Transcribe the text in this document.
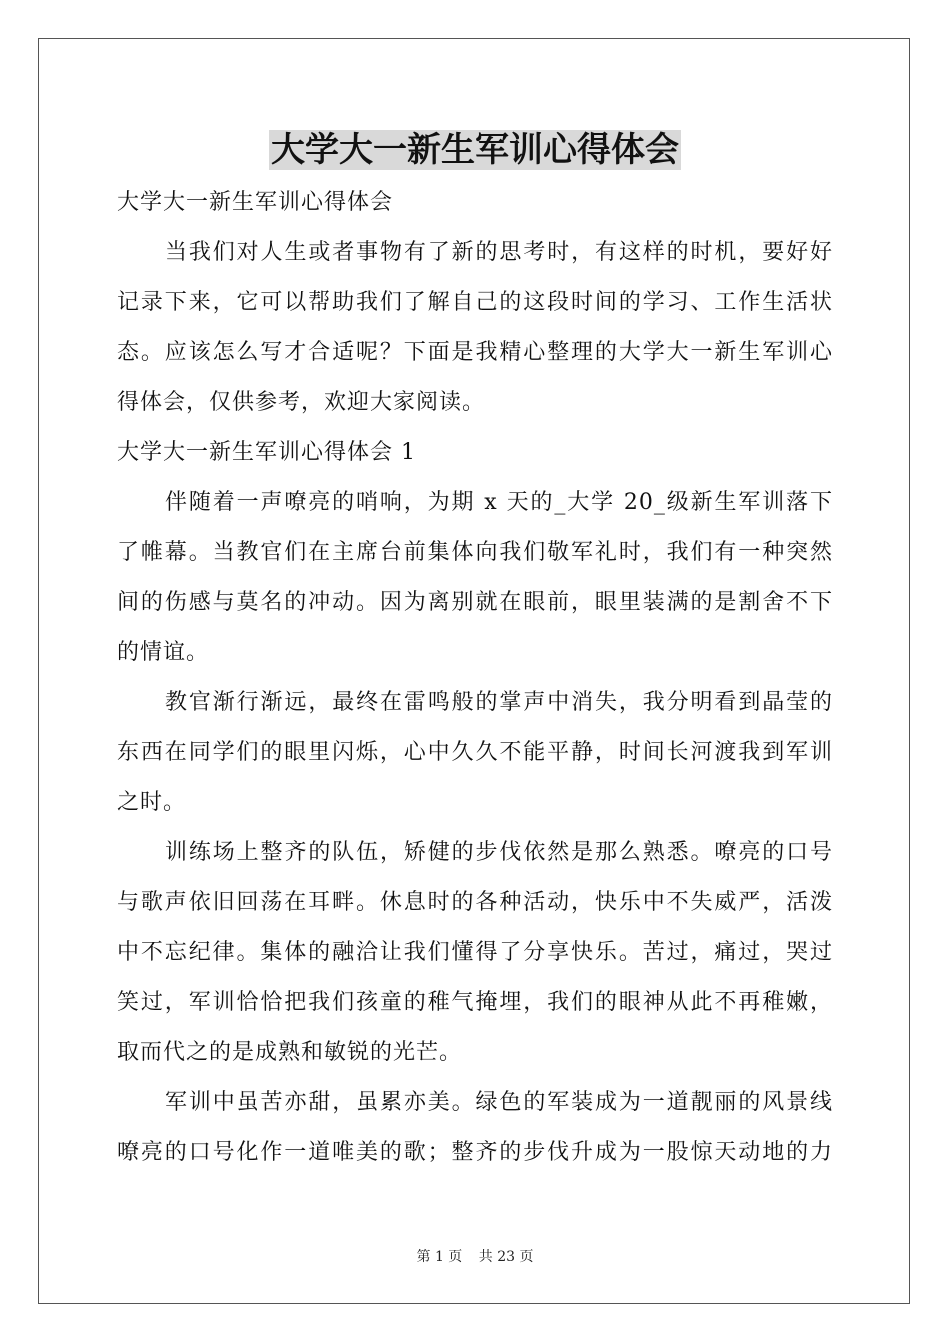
大学大一新生军训心得体会

大学大一新生军训心得体会

当我们对人生或者事物有了新的思考时，有这样的时机，要好好

记录下来，它可以帮助我们了解自己的这段时间的学习、工作生活状

态。应该怎么写才合适呢？下面是我精心整理的大学大一新生军训心

得体会，仅供参考，欢迎大家阅读。

大学大一新生军训心得体会 1

伴随着一声嘹亮的哨响，为期 x 天的_大学 20_级新生军训落下

了帷幕。当教官们在主席台前集体向我们敬军礼时，我们有一种突然

间的伤感与莫名的冲动。因为离别就在眼前，眼里装满的是割舍不下

的情谊。

教官渐行渐远，最终在雷鸣般的掌声中消失，我分明看到晶莹的

东西在同学们的眼里闪烁，心中久久不能平静，时间长河渡我到军训

之时。

训练场上整齐的队伍，矫健的步伐依然是那么熟悉。嘹亮的口号

与歌声依旧回荡在耳畔。休息时的各种活动，快乐中不失威严，活泼

中不忘纪律。集体的融洽让我们懂得了分享快乐。苦过，痛过，哭过

笑过，军训恰恰把我们孩童的稚气掩埋，我们的眼神从此不再稚嫩，

取而代之的是成熟和敏锐的光芒。

军训中虽苦亦甜，虽累亦美。绿色的军装成为一道靓丽的风景线

嘹亮的口号化作一道唯美的歌；整齐的步伐升成为一股惊天动地的力

第 1 页 共 23 页
